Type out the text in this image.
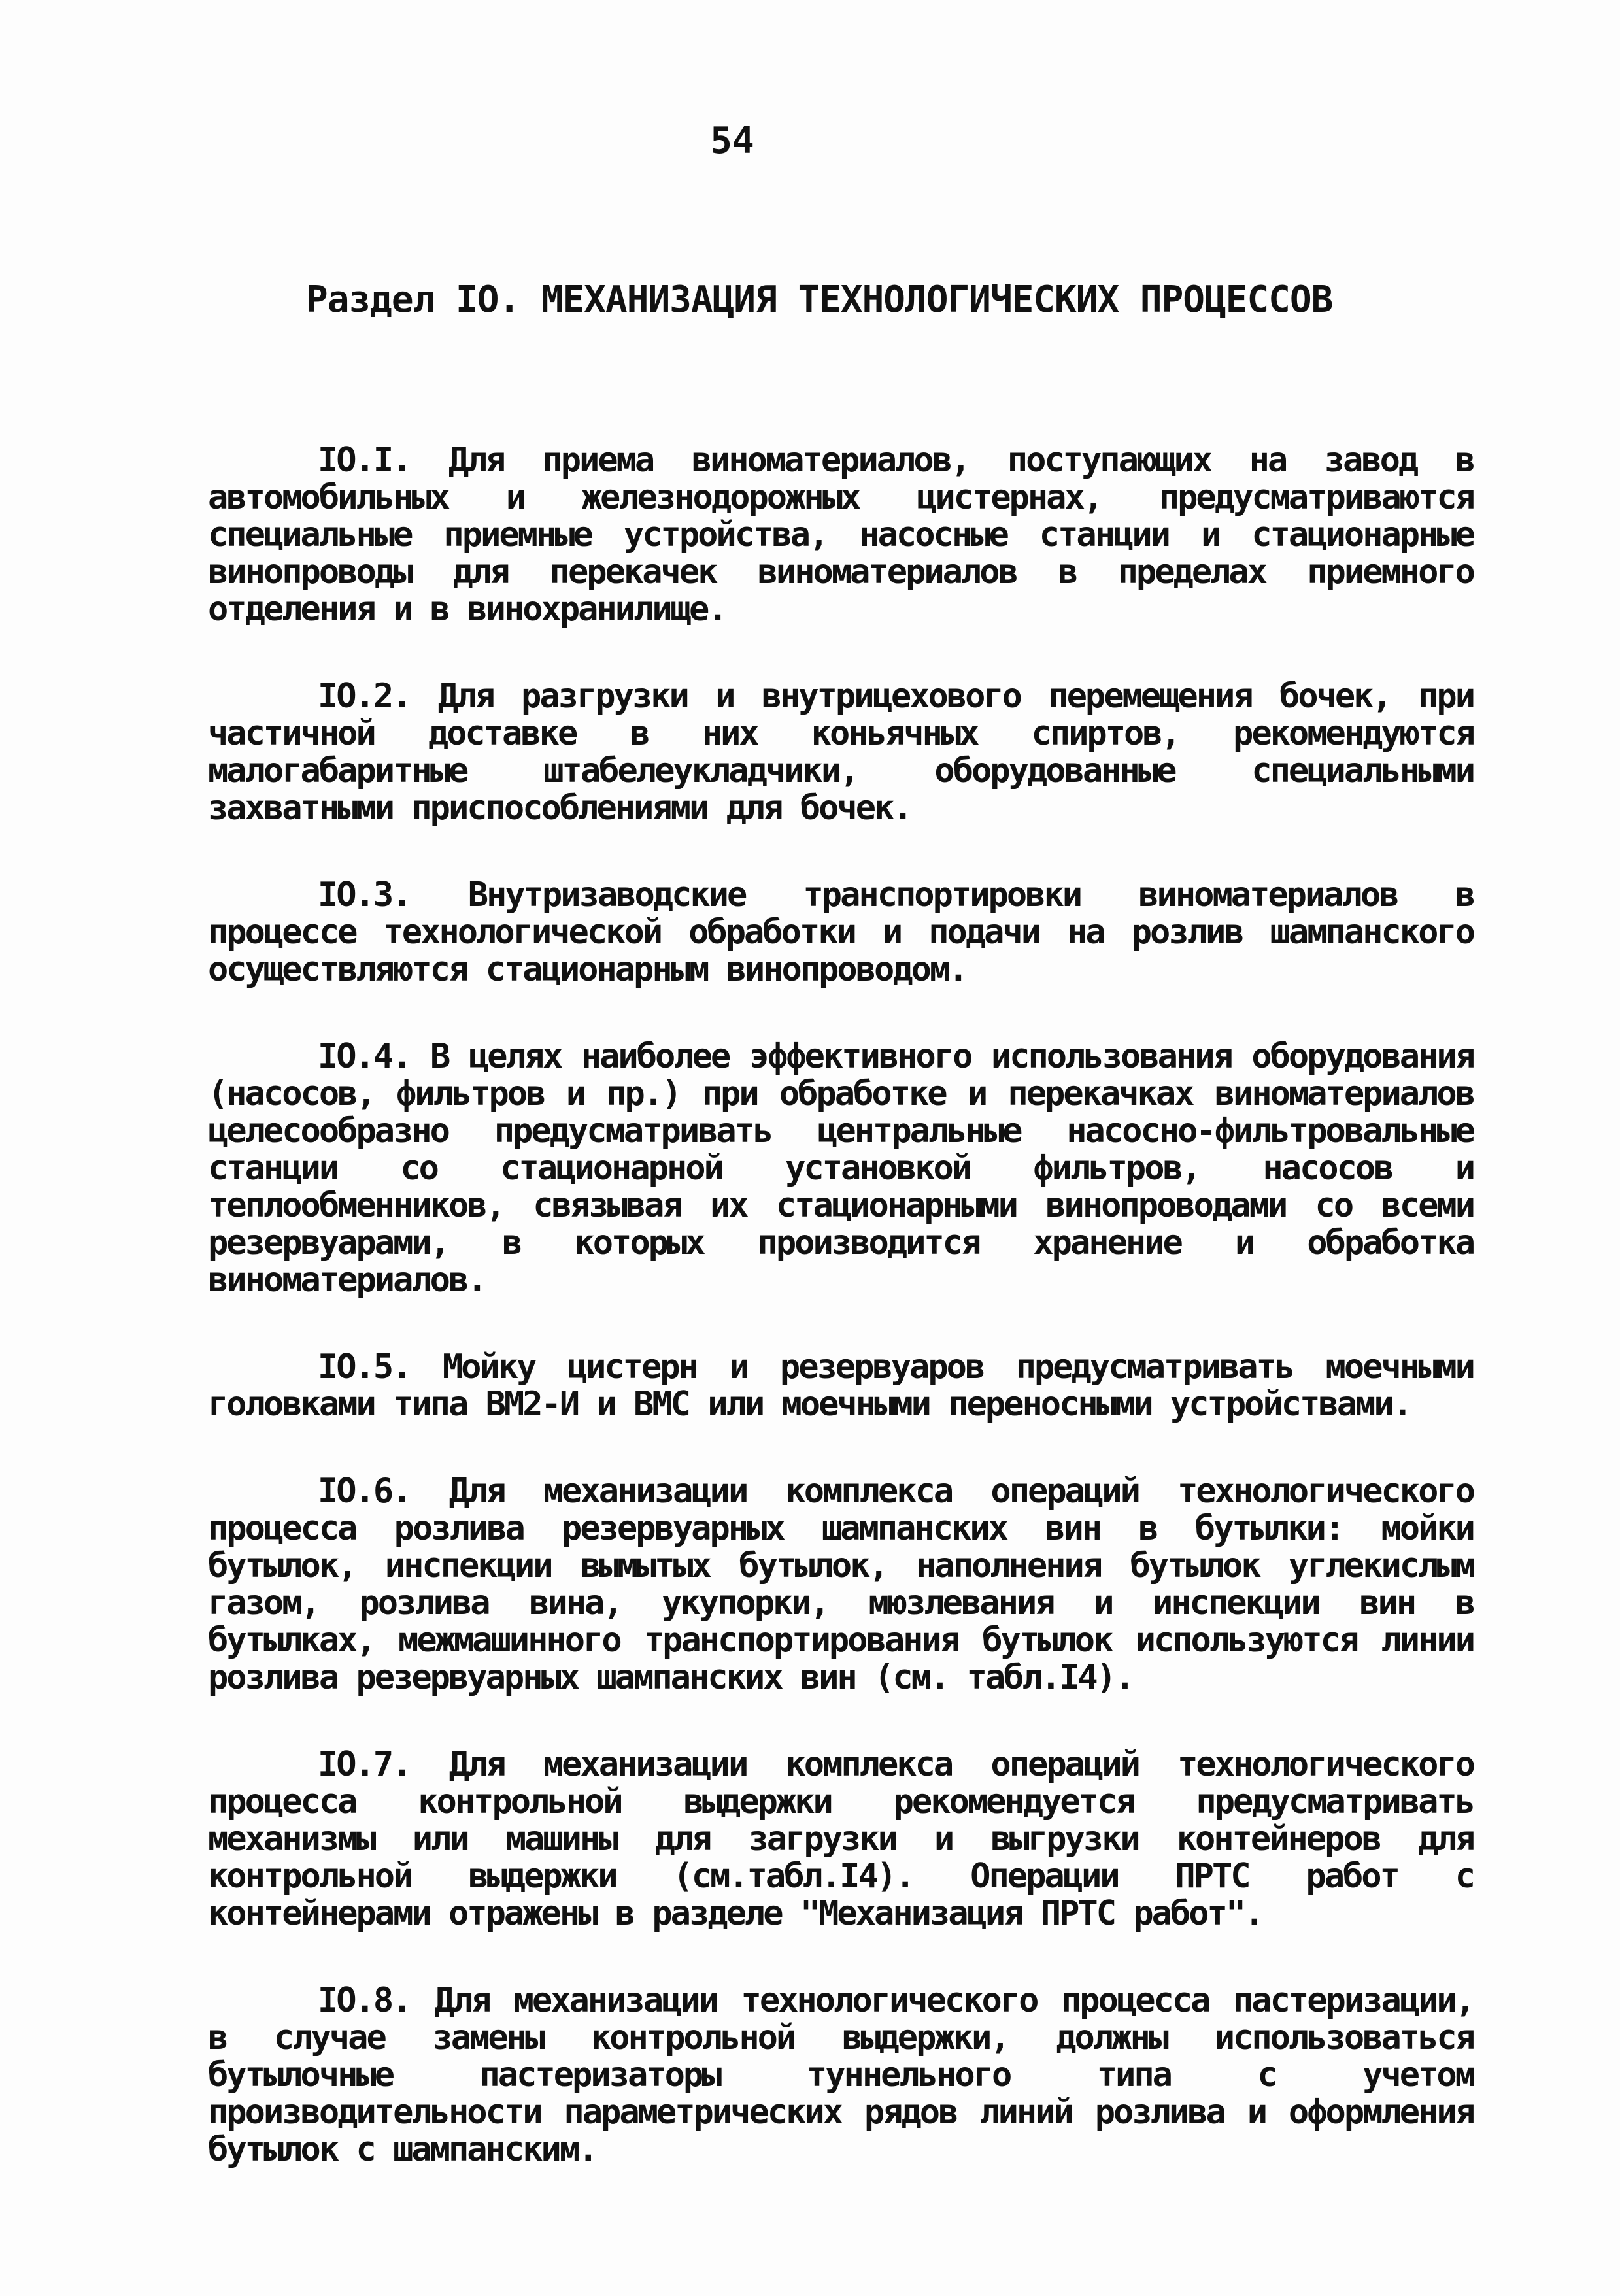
54
Раздел IO. МЕХАНИЗАЦИЯ ТЕХНОЛОГИЧЕСКИХ ПРОЦЕССОВ

IO.I. Для приема виноматериалов, поступающих на завод в автомобильных и железнодорожных цистернах, предусматриваются специальные приемные устройства, насосные станции и стационарные винопроводы для перекачек виноматериалов в пределах приемного отделения и в винохранилище.

IO.2. Для разгрузки и внутрицехового перемещения бочек, при частичной доставке в них коньячных спиртов, рекомендуются малогабаритные штабелеукладчики, оборудованные специальными захватными приспособлениями для бочек.

IO.3. Внутризаводские транспортировки виноматериалов в процессе технологической обработки и подачи на розлив шампанского осуществляются стационарным винопроводом.

IO.4. В целях наиболее эффективного использования оборудования (насосов, фильтров и пр.) при обработке и перекачках виноматериалов целесообразно предусматривать центральные насосно-фильтровальные станции со стационарной установкой фильтров, насосов и теплообменников, связывая их стационарными винопроводами со всеми резервуарами, в которых производится хранение и обработка виноматериалов.

IO.5. Мойку цистерн и резервуаров предусматривать моечными головками типа ВМ2-И и ВМС или моечными переносными устройствами.

IO.6. Для механизации комплекса операций технологического процесса розлива резервуарных шампанских вин в бутылки: мойки бутылок, инспекции вымытых бутылок, наполнения бутылок углекислым газом, розлива вина, укупорки, мюзлевания и инспекции вин в бутылках, межмашинного транспортирования бутылок используются линии розлива резервуарных шампанских вин (см. табл.I4).

IO.7. Для механизации комплекса операций технологического процесса контрольной выдержки рекомендуется предусматривать механизмы или машины для загрузки и выгрузки контейнеров для контрольной выдержки (см.табл.I4). Операции ПРТС работ с контейнерами отражены в разделе "Механизация ПРТС работ".

IO.8. Для механизации технологического процесса пастеризации, в случае замены контрольной выдержки, должны использоваться бутылочные пастеризаторы туннельного типа с учетом производительности параметрических рядов линий розлива и оформления бутылок с шампанским.
